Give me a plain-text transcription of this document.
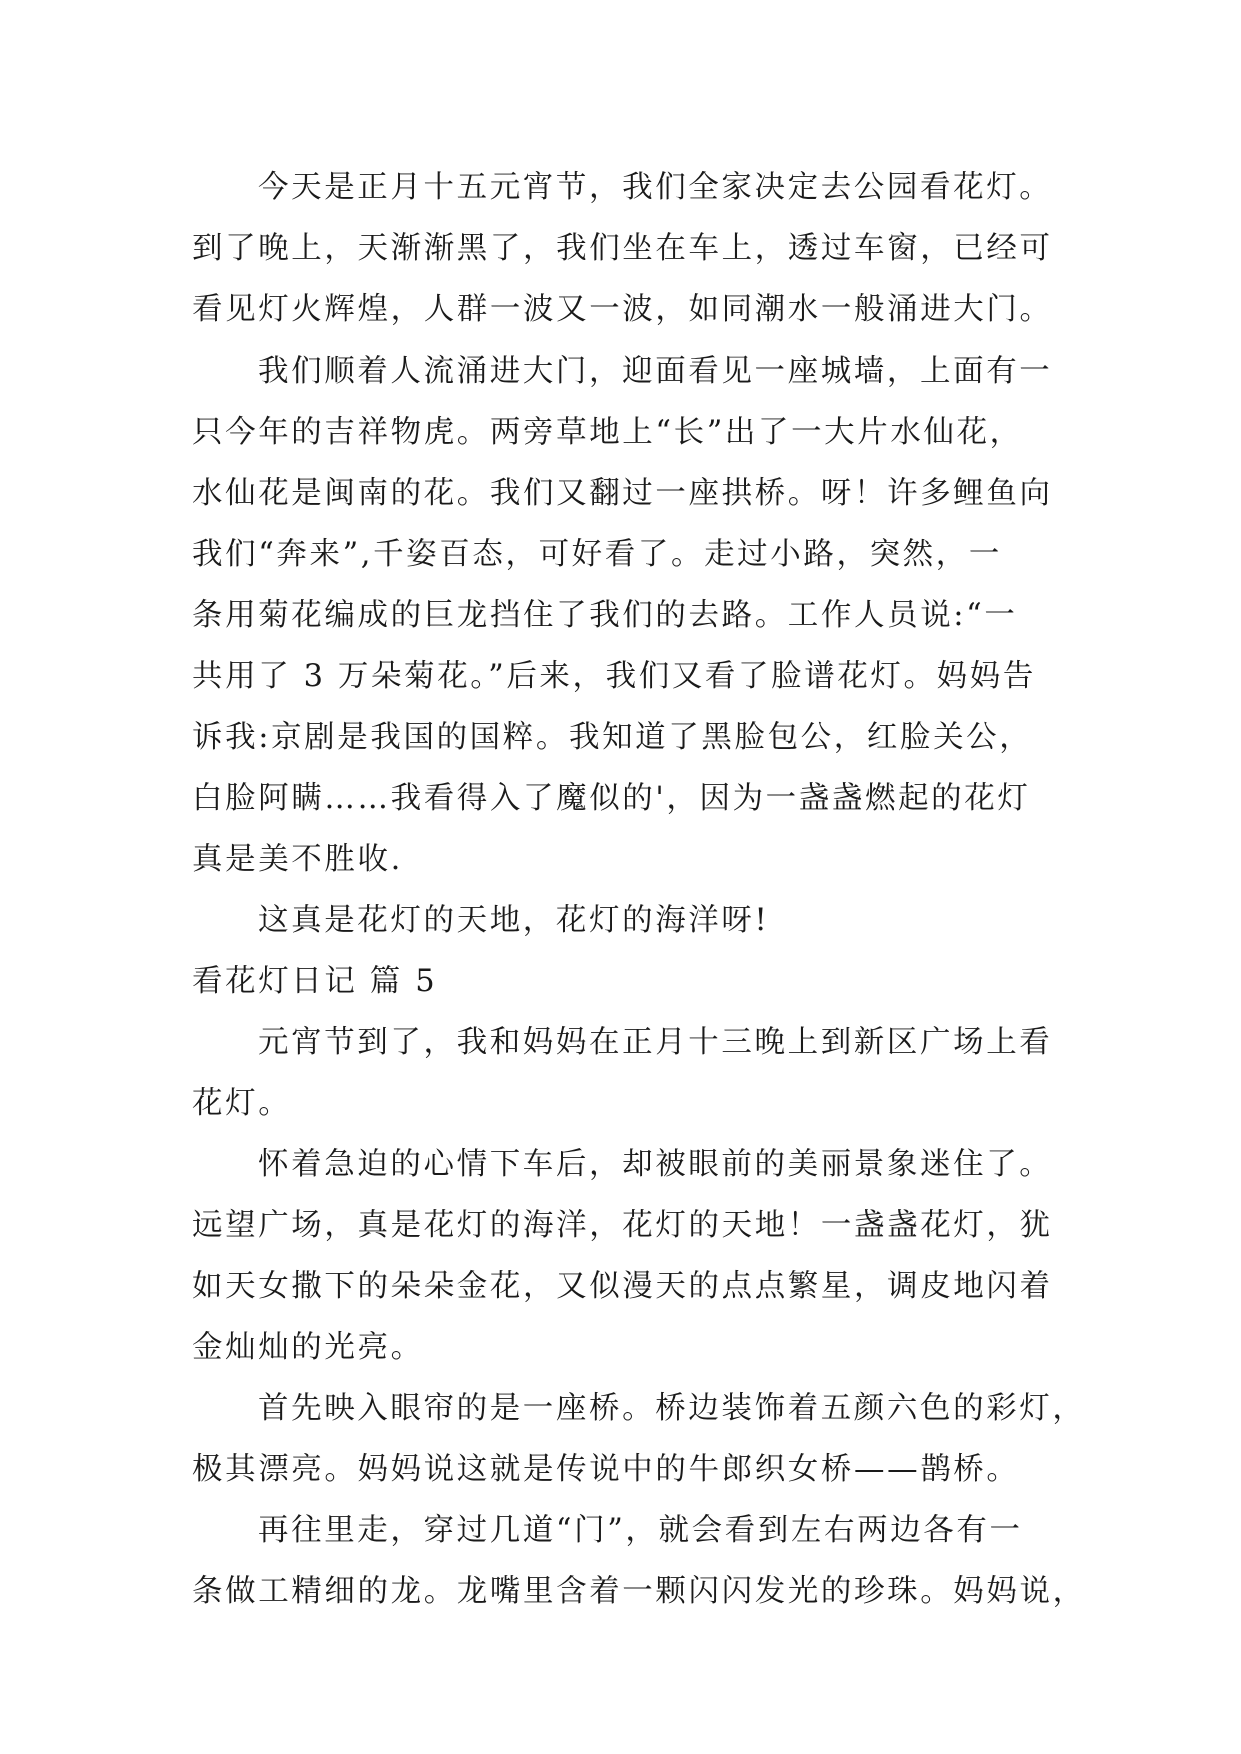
今天是正月十五元宵节，我们全家决定去公园看花灯。
到了晚上，天渐渐黑了，我们坐在车上，透过车窗，已经可
看见灯火辉煌，人群一波又一波，如同潮水一般涌进大门。
我们顺着人流涌进大门，迎面看见一座城墙，上面有一
只今年的吉祥物虎。两旁草地上“长”出了一大片水仙花，
水仙花是闽南的花。我们又翻过一座拱桥。呀！许多鲤鱼向
我们“奔来”,千姿百态，可好看了。走过小路，突然，一
条用菊花编成的巨龙挡住了我们的去路。工作人员说:“一
共用了 3 万朵菊花。”后来，我们又看了脸谱花灯。妈妈告
诉我:京剧是我国的国粹。我知道了黑脸包公，红脸关公，
白脸阿瞒……我看得入了魔似的'，因为一盏盏燃起的花灯
真是美不胜收.
这真是花灯的天地，花灯的海洋呀!
看花灯日记 篇 5
元宵节到了，我和妈妈在正月十三晚上到新区广场上看
花灯。
怀着急迫的心情下车后，却被眼前的美丽景象迷住了。
远望广场，真是花灯的海洋，花灯的天地！一盏盏花灯，犹
如天女撒下的朵朵金花，又似漫天的点点繁星，调皮地闪着
金灿灿的光亮。
首先映入眼帘的是一座桥。桥边装饰着五颜六色的彩灯，
极其漂亮。妈妈说这就是传说中的牛郎织女桥——鹊桥。
再往里走，穿过几道“门”，就会看到左右两边各有一
条做工精细的龙。龙嘴里含着一颗闪闪发光的珍珠。妈妈说，
